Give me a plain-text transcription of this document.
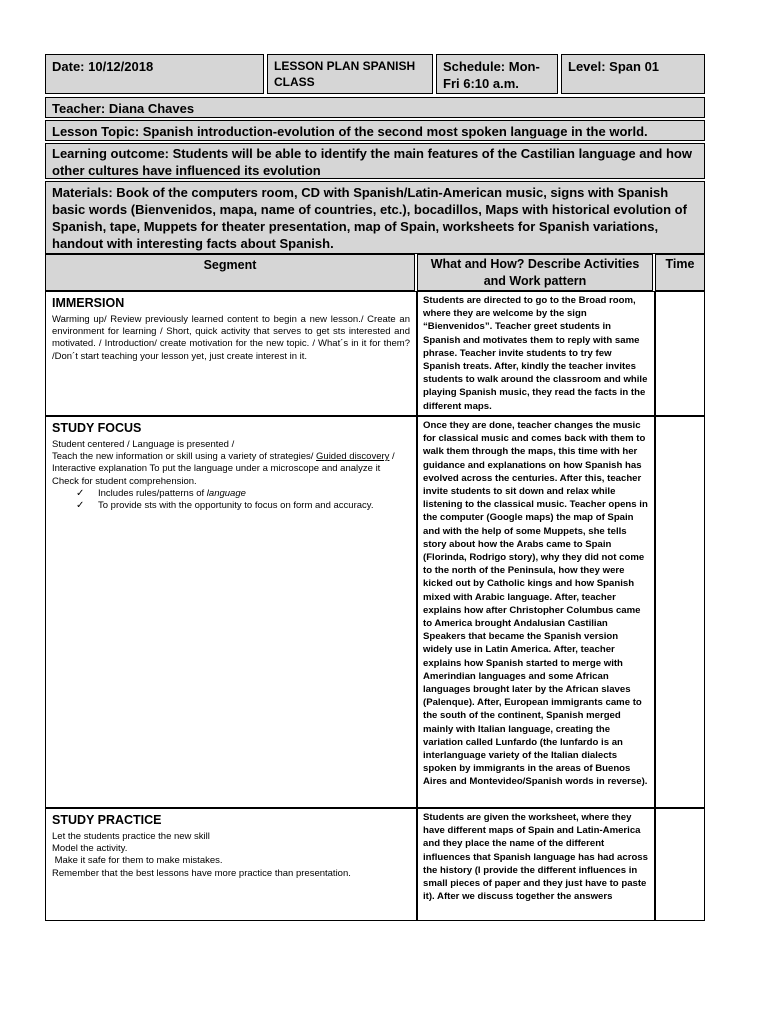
Date: 10/12/2018	LESSON PLAN SPANISH CLASS
Schedule: Mon-Fri 6:10 a.m.
Level: Span 01
Teacher: Diana Chaves
Lesson Topic: Spanish introduction-evolution of the second most spoken language in the world.
Learning outcome: Students will be able to identify the main features of the Castilian language and how other cultures have influenced its evolution
Materials: Book of the computers room, CD with Spanish/Latin-American music, signs with Spanish basic words (Bienvenidos, mapa, name of countries, etc.), bocadillos, Maps with historical evolution of Spanish, tape, Muppets for theater presentation, map of Spain, worksheets for Spanish variations, handout with interesting facts about Spanish.
Segment	What and How? Describe Activities and Work pattern
Time
IMMERSION
Warming up/ Review previously learned content to begin a new lesson./ Create an environment for learning / Short, quick activity that serves to get sts interested and motivated. / Introduction/ create motivation for the new topic. / What´s in it for them? /Don´t start teaching your lesson yet, just create interest in it.
Students are directed to go to the Broad room, where they are welcome by the sign “Bienvenidos”. Teacher greet students in Spanish and motivates them to reply with same phrase. Teacher invite students to try few Spanish treats. After, kindly the teacher invites students to walk around the classroom and while playing Spanish music, they read the facts in the different maps.
STUDY FOCUS
Student centered / Language is presented /
Teach the new information or skill using a variety of strategies/ Guided discovery / Interactive explanation To put the language under a microscope and analyze it
Check for student comprehension.
✓ Includes rules/patterns of language
✓ To provide sts with the opportunity to focus on form and accuracy.
Once they are done, teacher changes the music for classical music and comes back with them to walk them through the maps, this time with her guidance and explanations on how Spanish has evolved across the centuries. After this, teacher invite students to sit down and relax while listening to the classical music. Teacher opens in the computer (Google maps) the map of Spain and with the help of some Muppets, she tells story about how the Arabs came to Spain (Florinda, Rodrigo story), why they did not come to the north of the Peninsula, how they were kicked out by Catholic kings and how Spanish mixed with Arabic language. After, teacher explains how after Christopher Columbus came to America brought Andalusian Castilian Speakers that became the Spanish version widely use in Latin America. After, teacher explains how Spanish started to merge with Amerindian languages and some African languages brought later by the African slaves (Palenque). After, European immigrants came to the south of the continent, Spanish merged mainly with Italian language, creating the variation called Lunfardo (the lunfardo is an interlanguage variety of the Italian dialects spoken by immigrants in the areas of Buenos Aires and Montevideo/Spanish words in reverse).
STUDY PRACTICE
Let the students practice the new skill
Model the activity.
Make it safe for them to make mistakes.
Remember that the best lessons have more practice than presentation.
Students are given the worksheet, where they have different maps of Spain and Latin-America and they place the name of the different influences that Spanish language has had across the history (I provide the different influences in small pieces of paper and they just have to paste it). After we discuss together the answers
